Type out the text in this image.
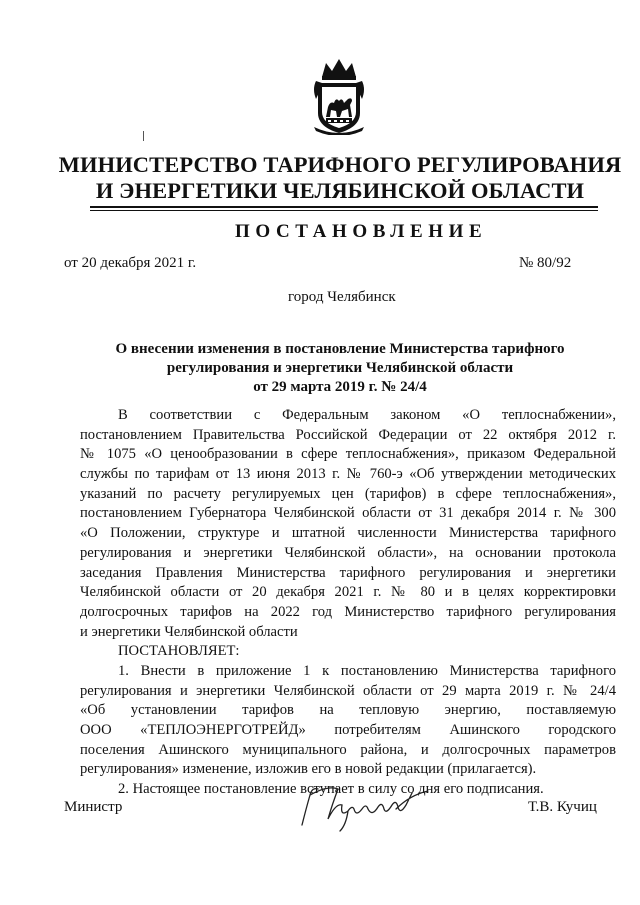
МИНИСТЕРСТВО ТАРИФНОГО РЕГУЛИРОВАНИЯ
И ЭНЕРГЕТИКИ ЧЕЛЯБИНСКОЙ ОБЛАСТИ
ПОСТАНОВЛЕНИЕ
от 20 декабря 2021 г.	№ 80/92
город Челябинск
О внесении изменения в постановление Министерства тарифного
регулирования и энергетики Челябинской области
от 29 марта 2019 г. № 24/4
В соответствии с Федеральным законом «О теплоснабжении»,
постановлением Правительства Российской Федерации от 22 октября 2012 г.
№ 1075 «О ценообразовании в сфере теплоснабжения», приказом Федеральной
службы по тарифам от 13 июня 2013 г. № 760-э «Об утверждении методических
указаний по расчету регулируемых цен (тарифов) в сфере теплоснабжения»,
постановлением Губернатора Челябинской области от 31 декабря 2014 г. № 300
«О Положении, структуре и штатной численности Министерства тарифного
регулирования и энергетики Челябинской области», на основании протокола
заседания Правления Министерства тарифного регулирования и энергетики
Челябинской области от 20 декабря 2021 г. № 80 и в целях корректировки
долгосрочных тарифов на 2022 год Министерство тарифного регулирования
и энергетики Челябинской области
ПОСТАНОВЛЯЕТ:
1. Внести в приложение 1 к постановлению Министерства тарифного
регулирования и энергетики Челябинской области от 29 марта 2019 г. № 24/4
«Об установлении тарифов на тепловую энергию, поставляемую
ООО «ТЕПЛОЭНЕРГОТРЕЙД» потребителям Ашинского городского
поселения Ашинского муниципального района, и долгосрочных параметров
регулирования» изменение, изложив его в новой редакции (прилагается).
2. Настоящее постановление вступает в силу со дня его подписания.
Министр	Т.В. Кучиц
